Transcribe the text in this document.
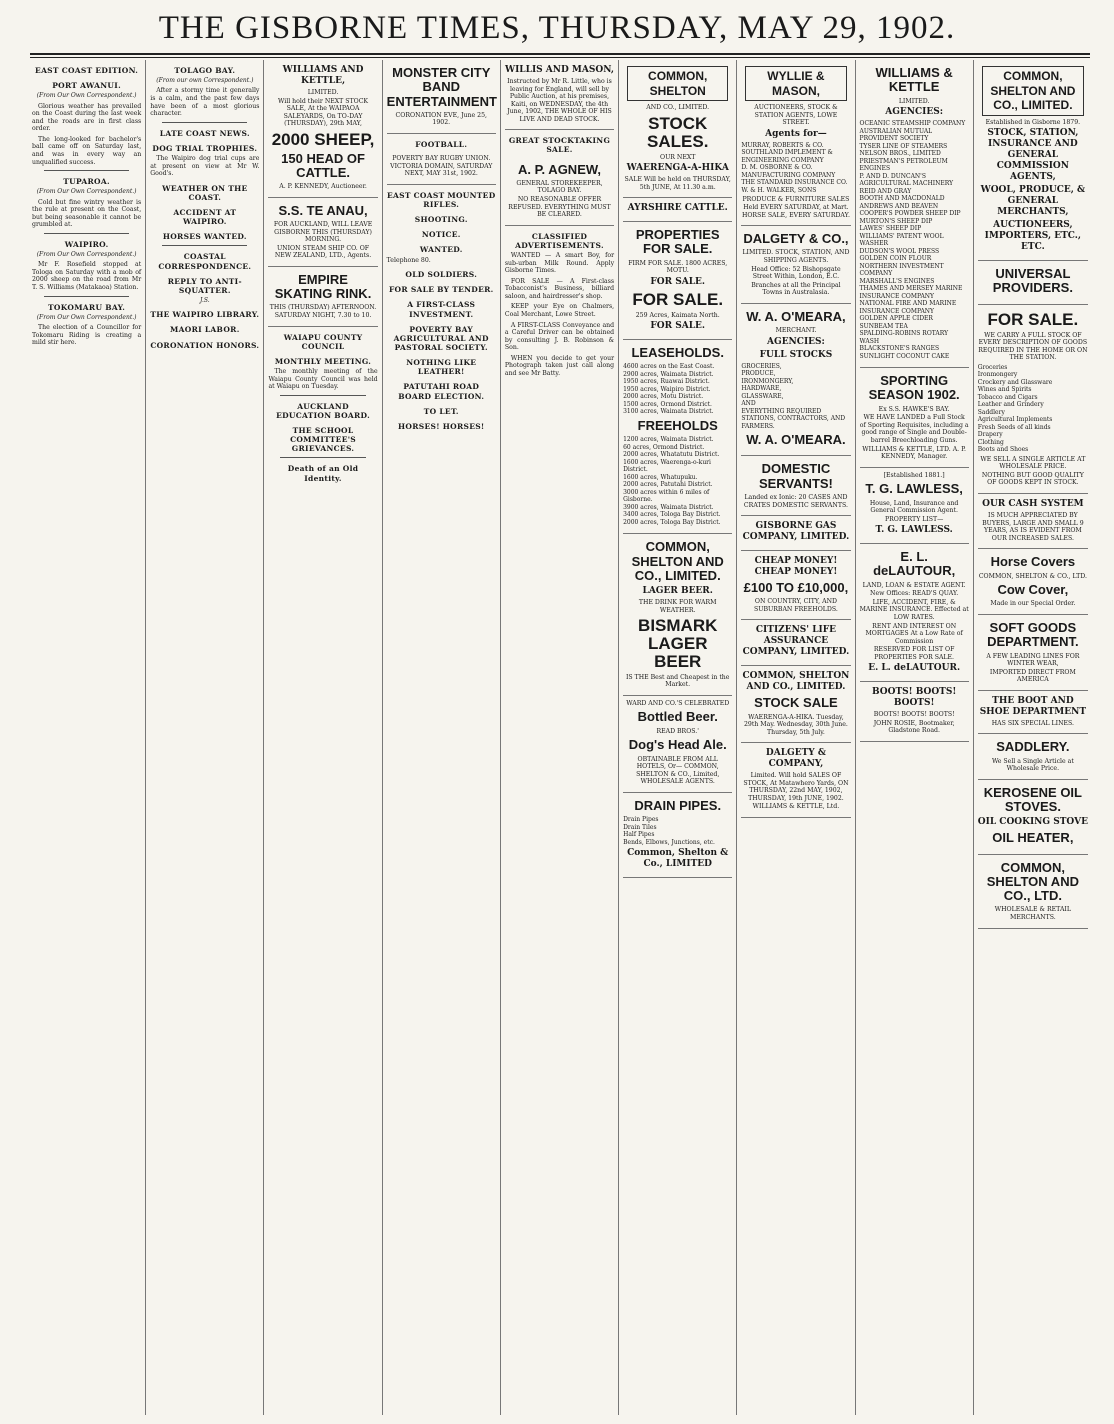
THE GISBORNE TIMES, THURSDAY, MAY 29, 1902.
EAST COAST EDITION.
PORT AWANUI.
(From Our Own Correspondent.)

Glorious weather has prevailed on the Coast during the last week and the roads are in first class order.

The long-looked for bachelor's ball came off on Saturday last, and was in every way an unqualified success.

TUPAROA.
(From Our Own Correspondent.)

Cold but fine wintry weather is the rule at present on the Coast, but being seasonable it cannot be grumbled at.

WAIPIRO.
(From Our Own Correspondent.)

Mr F. Rosefield stopped at Tologa on Saturday with a mob of 2000 sheep on the road from Mr T. S. Williams (Matakaoa) Station.

TOKOMARU BAY.
(From Our Own Correspondent.)

The election of a Councillor for Tokomaru Riding is creating a mild stir here.

TOLAGO BAY.
(From our own Correspondent.)

After a stormy time it generally is a calm, and the past few days have been of a most glorious character.

LATE COAST NEWS.
DOG TRIAL TROPHIES.

The Waipiro dog trial cups are at present on view at Mr W. Good's.

WEATHER ON THE COAST.
ACCIDENT AT WAIPIRO.
HORSES WANTED.
COASTAL CORRESPONDENCE.
REPLY TO ANTI-SQUATTER.
J.S.
THE WAIPIRO LIBRARY.
MAORI LABOR.
CORONATION HONORS.
WILLIAMS AND KETTLE,
LIMITED.
Will hold their NEXT STOCK SALE, At the WAIPAOA SALEYARDS, On TO-DAY (THURSDAY), 29th MAY,
2000 SHEEP,
150 HEAD OF CATTLE.
A. P. KENNEDY, Auctioneer.
S.S. TE ANAU,
FOR AUCKLAND, WILL LEAVE GISBORNE THIS (THURSDAY) MORNING.
UNION STEAM SHIP CO. OF NEW ZEALAND, LTD., Agents.
EMPIRE SKATING RINK.
THIS (THURSDAY) AFTERNOON. SATURDAY NIGHT, 7.30 to 10.
WAIAPU COUNTY COUNCIL
MONTHLY MEETING.

The monthly meeting of the Waiapu County Council was held at Waiapu on Tuesday.

AUCKLAND EDUCATION BOARD.
THE SCHOOL COMMITTEE'S GRIEVANCES.
Death of an Old Identity.
MONSTER CITY BAND ENTERTAINMENT
CORONATION EVE, June 25, 1902.
FOOTBALL.
POVERTY BAY RUGBY UNION. VICTORIA DOMAIN, SATURDAY NEXT, MAY 31st, 1902.
EAST COAST MOUNTED RIFLES.
SHOOTING.
NOTICE.
WANTED.
Telephone 80.
OLD SOLDIERS.
FOR SALE BY TENDER.
A FIRST-CLASS INVESTMENT.
POVERTY BAY AGRICULTURAL AND PASTORAL SOCIETY.
NOTHING LIKE LEATHER!
PATUTAHI ROAD BOARD ELECTION.
TO LET.
HORSES! HORSES!
WILLIS AND MASON,
Instructed by Mr R. Little, who is leaving for England, will sell by Public Auction, at his premises, Kaiti, on WEDNESDAY, the 4th June, 1902, THE WHOLE OF HIS LIVE AND DEAD STOCK.
GREAT STOCKTAKING SALE.
A. P. AGNEW,
GENERAL STOREKEEPER, TOLAGO BAY.
NO REASONABLE OFFER REFUSED. EVERYTHING MUST BE CLEARED.
CLASSIFIED ADVERTISEMENTS.

WANTED — A smart Boy, for sub-urban Milk Round. Apply Gisborne Times.

FOR SALE — A First-class Tobacconist's Business, billiard saloon, and hairdresser's shop.

KEEP your Eye on Chalmers, Coal Merchant, Lowe Street.

A FIRST-CLASS Conveyance and a Careful Driver can be obtained by consulting J. B. Robinson & Son.

WHEN you decide to get your Photograph taken just call along and see Mr Batty.

COMMON, SHELTON
AND CO., LIMITED.
STOCK SALES.
OUR NEXT
WAERENGA-A-HIKA
SALE Will be held on THURSDAY, 5th JUNE, At 11.30 a.m.
AYRSHIRE CATTLE.
PROPERTIES FOR SALE.
FIRM FOR SALE. 1800 ACRES, MOTU.
FOR SALE.
FOR SALE.
259 Acres, Kaimata North.
FOR SALE.
LEASEHOLDS.
4600 acres on the East Coast.
2900 acres, Waimata District.
1950 acres, Ruawai District.
1950 acres, Waipiro District.
2000 acres, Motu District.
1500 acres, Ormond District.
3100 acres, Waimata District.
FREEHOLDS
1200 acres, Waimata District.
60 acres, Ormond District.
2000 acres, Whatatutu District.
1600 acres, Waerenga-o-kuri District.
1600 acres, Whatupuku.
2000 acres, Patutahi District.
3000 acres within 6 miles of Gisborne.
3900 acres, Waimata District.
3400 acres, Tologa Bay District.
2000 acres, Tologa Bay District.
COMMON, SHELTON AND CO., LIMITED.
LAGER BEER.
THE DRINK FOR WARM WEATHER.
BISMARK LAGER BEER
IS THE Best and Cheapest in the Market.
WARD AND CO.'S CELEBRATED
Bottled Beer.
READ BROS.'
Dog's Head Ale.
OBTAINABLE FROM ALL HOTELS, Or— COMMON, SHELTON & CO., Limited, WHOLESALE AGENTS.
DRAIN PIPES.
Drain Pipes
Drain Tiles
Half Pipes
Bends, Elbows, Junctions, etc.
Common, Shelton & Co., LIMITED
WYLLIE & MASON,
AUCTIONEERS, STOCK & STATION AGENTS, LOWE STREET.
Agents for—
MURRAY, ROBERTS & CO.
SOUTHLAND IMPLEMENT & ENGINEERING COMPANY
D. M. OSBORNE & CO. MANUFACTURING COMPANY
THE STANDARD INSURANCE CO.
W. & H. WALKER, SONS
PRODUCE & FURNITURE SALES Held EVERY SATURDAY, at Mart. HORSE SALE, EVERY SATURDAY.
DALGETY & CO.,
LIMITED. STOCK, STATION, AND SHIPPING AGENTS.
Head Office: 52 Bishopsgate Street Within, London, E.C.
Branches at all the Principal Towns in Australasia.
W. A. O'MEARA,
MERCHANT.
AGENCIES:
FULL STOCKS
GROCERIES,
PRODUCE,
IRONMONGERY,
HARDWARE,
GLASSWARE,
AND
EVERYTHING REQUIRED
STATIONS, CONTRACTORS, AND
FARMERS.
W. A. O'MEARA.
DOMESTIC SERVANTS!
Landed ex Ionic: 20 CASES AND CRATES DOMESTIC SERVANTS.
GISBORNE GAS COMPANY, LIMITED.
CHEAP MONEY! CHEAP MONEY!
£100 TO £10,000,
ON COUNTRY, CITY, AND SUBURBAN FREEHOLDS.
CITIZENS' LIFE ASSURANCE COMPANY, LIMITED.
COMMON, SHELTON AND CO., LIMITED.
STOCK SALE
WAERENGA-A-HIKA. Tuesday, 29th May. Wednesday, 30th June. Thursday, 5th July.
DALGETY & COMPANY,
Limited. Will hold SALES OF STOCK, At Matawhero Yards, ON THURSDAY, 22nd MAY, 1902, THURSDAY, 19th JUNE, 1902.
WILLIAMS & KETTLE, Ltd.
WILLIAMS & KETTLE
LIMITED.
AGENCIES:
OCEANIC STEAMSHIP COMPANY
AUSTRALIAN MUTUAL PROVIDENT SOCIETY
TYSER LINE OF STEAMERS
NELSON BROS., LIMITED
PRIESTMAN'S PETROLEUM ENGINES
P. AND D. DUNCAN'S AGRICULTURAL MACHINERY
REID AND GRAY
BOOTH AND MACDONALD
ANDREWS AND BEAVEN
COOPER'S POWDER SHEEP DIP
MURTON'S SHEEP DIP
LAWES' SHEEP DIP
WILLIAMS' PATENT WOOL WASHER
DUDSON'S WOOL PRESS
GOLDEN COIN FLOUR
NORTHERN INVESTMENT COMPANY
MARSHALL'S ENGINES
THAMES AND MERSEY MARINE INSURANCE COMPANY
NATIONAL FIRE AND MARINE INSURANCE COMPANY
GOLDEN APPLE CIDER
SUNBEAM TEA
SPALDING-ROBINS ROTARY WASH
BLACKSTONE'S RANGES
SUNLIGHT COCONUT CAKE
SPORTING SEASON 1902.
Ex S.S. HAWKE'S BAY.
WE HAVE LANDED a Full Stock of Sporting Requisites, including a good range of Single and Double-barrel Breechloading Guns.
WILLIAMS & KETTLE, LTD. A. P. KENNEDY, Manager.
[Established 1881.]
T. G. LAWLESS,
House, Land, Insurance and General Commission Agent.
PROPERTY LIST—
T. G. LAWLESS.
E. L. deLAUTOUR,
LAND, LOAN & ESTATE AGENT.
New Offices: READ'S QUAY.
LIFE, ACCIDENT, FIRE, & MARINE INSURANCE. Effected at LOW RATES.
RENT AND INTEREST ON MORTGAGES At a Low Rate of Commission
RESERVED FOR LIST OF PROPERTIES FOR SALE.
E. L. deLAUTOUR.
BOOTS! BOOTS! BOOTS!
BOOTS! BOOTS! BOOTS!
JOHN ROSIE, Bootmaker, Gladstone Road.
COMMON, SHELTON AND CO., LIMITED.
Established in Gisborne 1879.
STOCK, STATION, INSURANCE AND GENERAL COMMISSION AGENTS,
WOOL, PRODUCE, & GENERAL MERCHANTS,
AUCTIONEERS, IMPORTERS, ETC., ETC.
UNIVERSAL PROVIDERS.
FOR SALE.
WE CARRY A FULL STOCK OF EVERY DESCRIPTION OF GOODS REQUIRED IN THE HOME OR ON THE STATION.
Groceries
Ironmongery
Crockery and Glassware
Wines and Spirits
Tobacco and Cigars
Leather and Grindery
Saddlery
Agricultural Implements
Fresh Seeds of all kinds
Drapery
Clothing
Boots and Shoes
WE SELL A SINGLE ARTICLE AT WHOLESALE PRICE.
NOTHING BUT GOOD QUALITY OF GOODS KEPT IN STOCK.
OUR CASH SYSTEM
IS MUCH APPRECIATED BY BUYERS, LARGE AND SMALL 9 YEARS, AS IS EVIDENT FROM OUR INCREASED SALES.
Horse Covers
COMMON, SHELTON & CO., LTD.
Cow Cover,
Made in our Special Order.
SOFT GOODS DEPARTMENT.
A FEW LEADING LINES FOR WINTER WEAR,
IMPORTED DIRECT FROM AMERICA
THE BOOT AND SHOE DEPARTMENT
HAS SIX SPECIAL LINES.
SADDLERY.
We Sell a Single Article at Wholesale Price.
KEROSENE OIL STOVES.
OIL COOKING STOVE
OIL HEATER,
COMMON, SHELTON AND CO., LTD.
WHOLESALE & RETAIL MERCHANTS.
